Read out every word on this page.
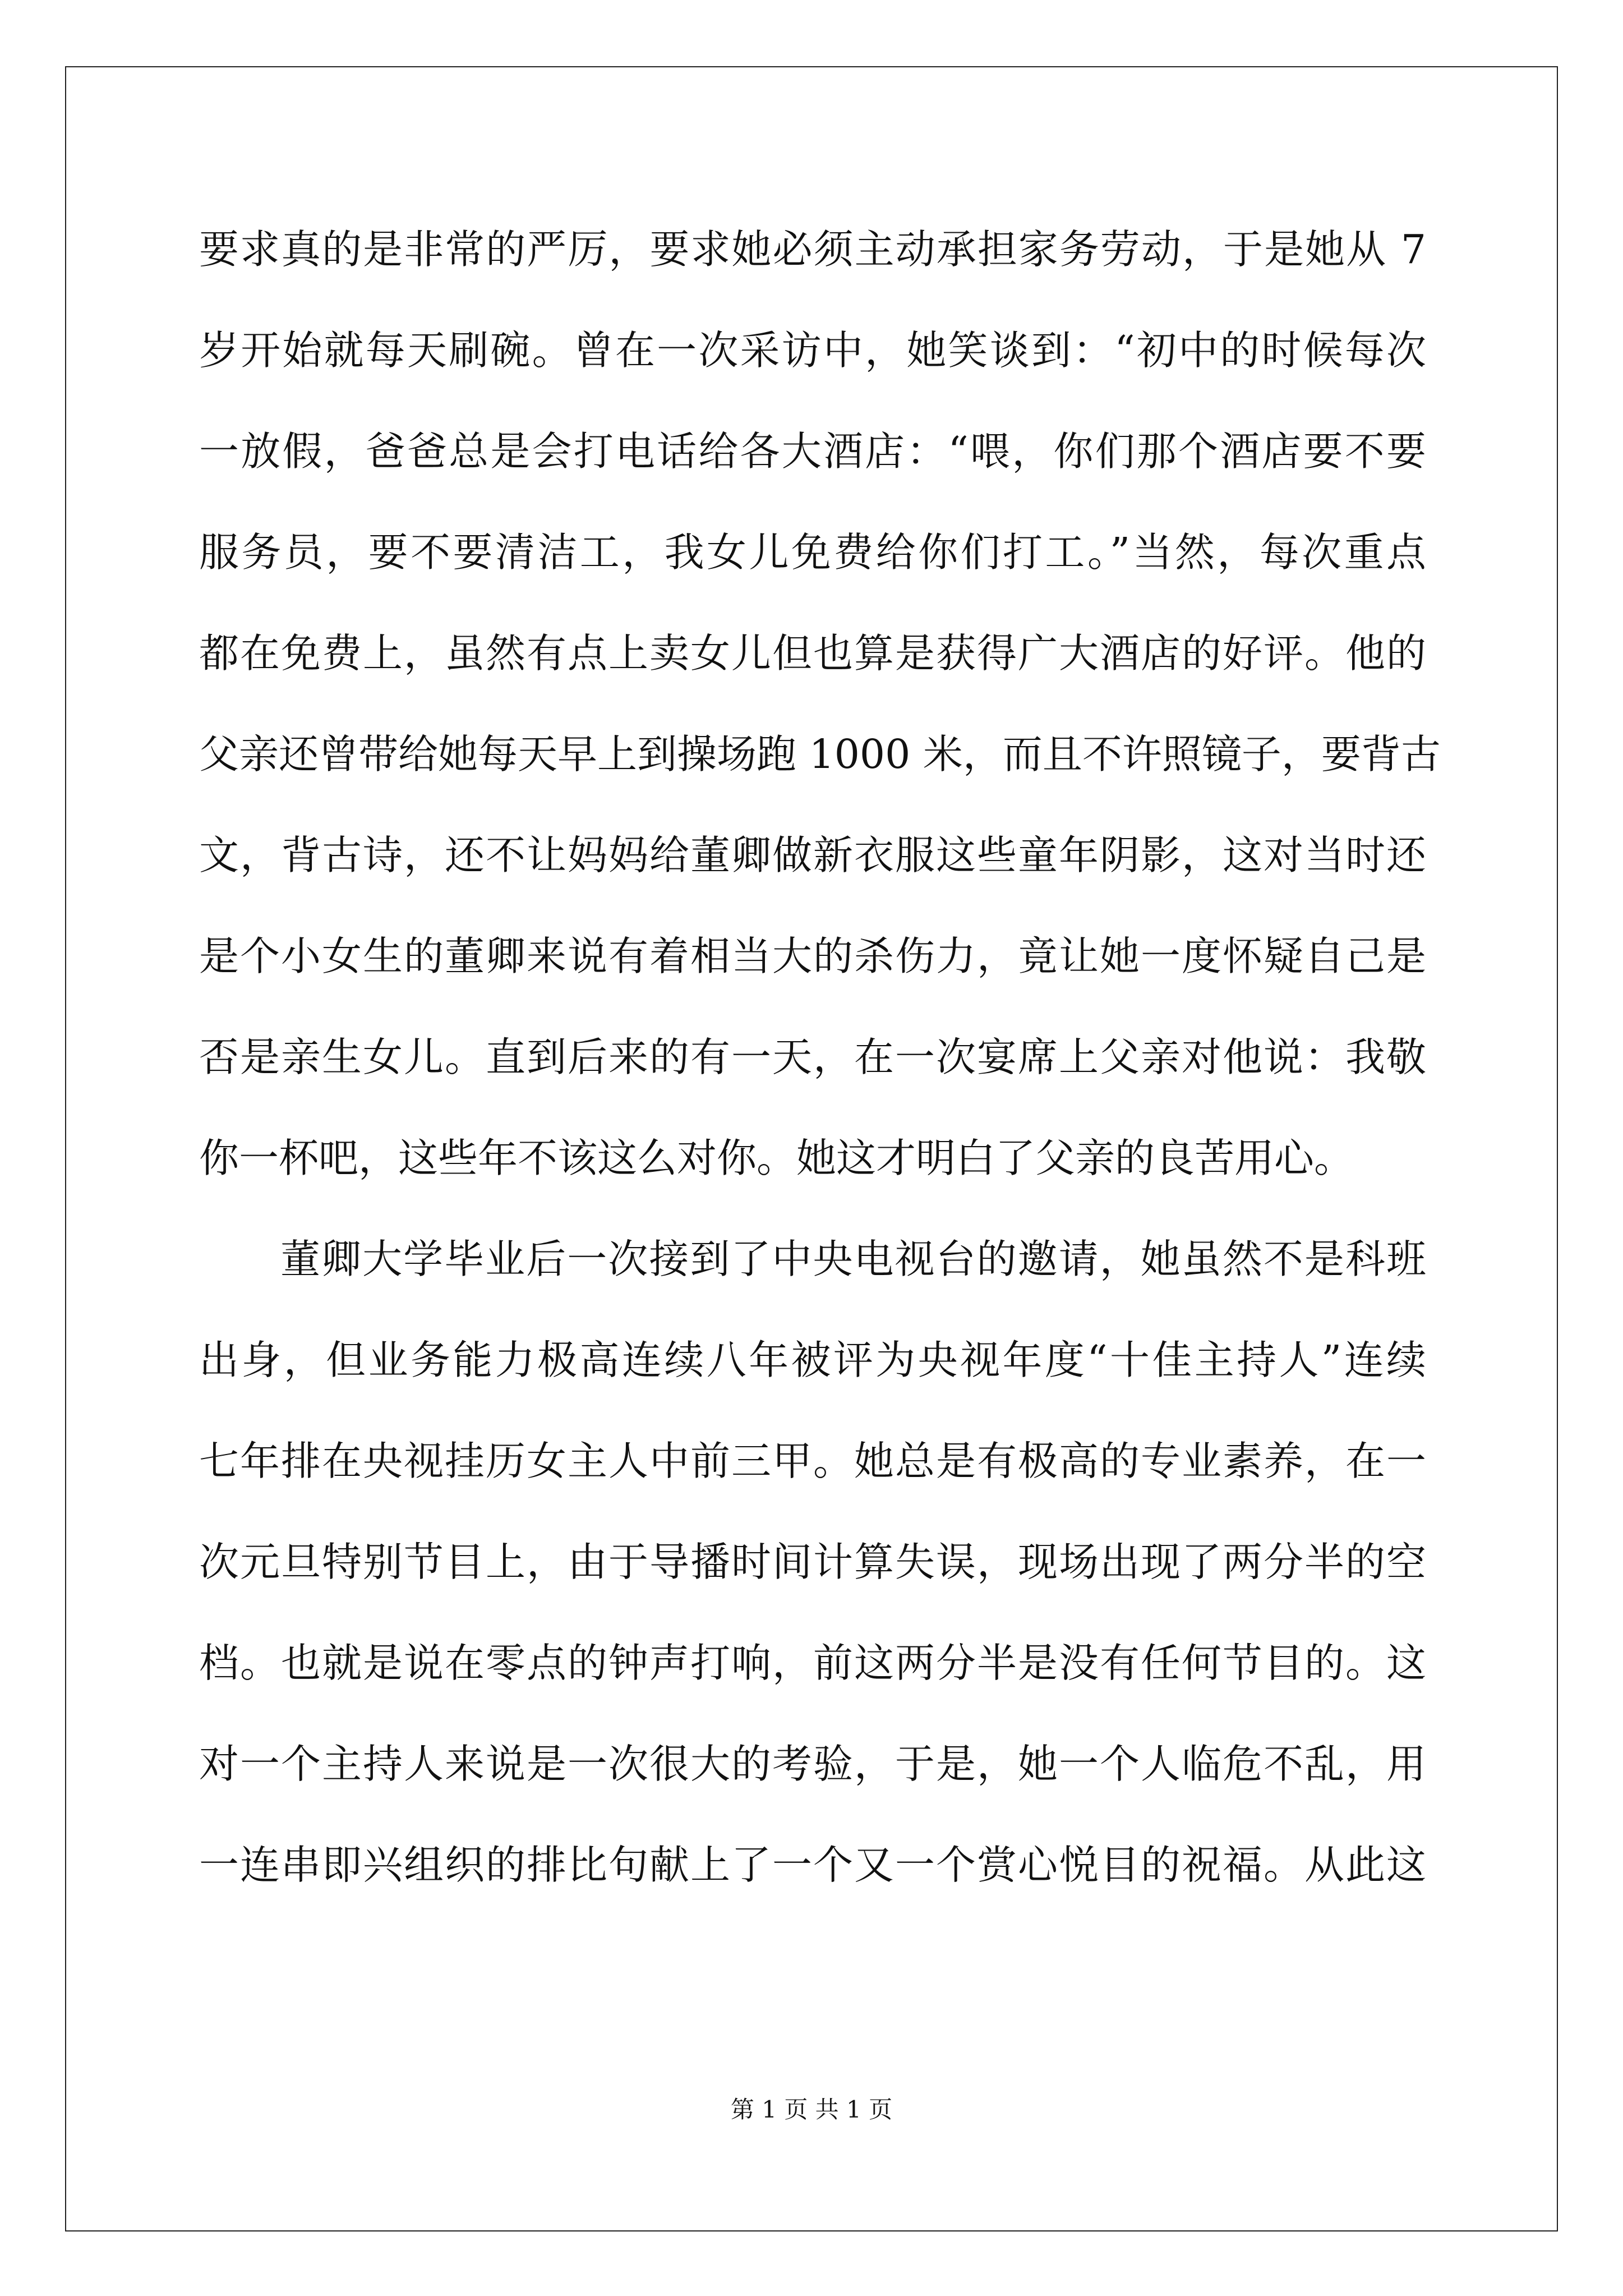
要求真的是非常的严厉，要求她必须主动承担家务劳动，于是她从 7
岁开始就每天刷碗。曾在一次采访中，她笑谈到：“初中的时候每次
一放假，爸爸总是会打电话给各大酒店：“喂，你们那个酒店要不要
服务员，要不要清洁工，我女儿免费给你们打工。”当然，每次重点
都在免费上，虽然有点上卖女儿但也算是获得广大酒店的好评。他的
父亲还曾带给她每天早上到操场跑 1000 米，而且不许照镜子，要背古
文，背古诗，还不让妈妈给董卿做新衣服这些童年阴影，这对当时还
是个小女生的董卿来说有着相当大的杀伤力，竟让她一度怀疑自己是
否是亲生女儿。直到后来的有一天，在一次宴席上父亲对他说：我敬
你一杯吧，这些年不该这么对你。她这才明白了父亲的良苦用心。
董卿大学毕业后一次接到了中央电视台的邀请，她虽然不是科班
出身，但业务能力极高连续八年被评为央视年度“十佳主持人”连续
七年排在央视挂历女主人中前三甲。她总是有极高的专业素养，在一
次元旦特别节目上，由于导播时间计算失误，现场出现了两分半的空
档。也就是说在零点的钟声打响，前这两分半是没有任何节目的。这
对一个主持人来说是一次很大的考验，于是，她一个人临危不乱，用
一连串即兴组织的排比句献上了一个又一个赏心悦目的祝福。从此这
第 1 页 共 1 页
